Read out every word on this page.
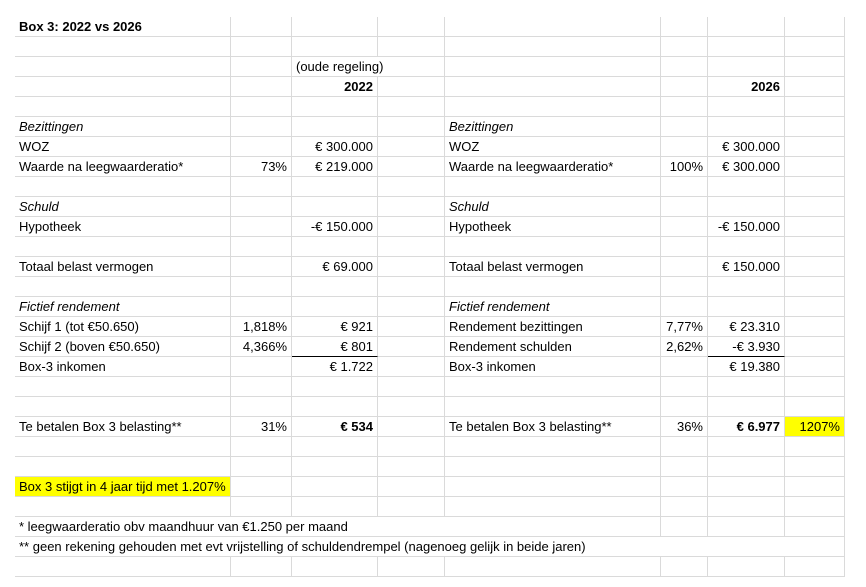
Box 3: 2022 vs 2026
(oude regeling)
2022	2026
Bezittingen	Bezittingen
WOZ	€ 300.000	WOZ	€ 300.000
Waarde na leegwaarderatio*	73%	€ 219.000	Waarde na leegwaarderatio*	100%	€ 300.000
Schuld	Schuld
Hypotheek	-€ 150.000	Hypotheek	-€ 150.000
Totaal belast vermogen	€ 69.000	Totaal belast vermogen	€ 150.000
Fictief rendement	Fictief rendement
Schijf 1 (tot €50.650)	1,818%	€ 921	Rendement bezittingen	7,77%	€ 23.310
Schijf 2 (boven €50.650)	4,366%	€ 801	Rendement schulden	2,62%	-€ 3.930
Box-3 inkomen	€ 1.722	Box-3 inkomen	€ 19.380
Te betalen Box 3 belasting**	31%	€ 534	Te betalen Box 3 belasting**	36%	€ 6.977	1207%
Box 3 stijgt in 4 jaar tijd met 1.207%
* leegwaarderatio obv maandhuur van €1.250 per maand
** geen rekening gehouden met evt vrijstelling of schuldendrempel (nagenoeg gelijk in beide jaren)
